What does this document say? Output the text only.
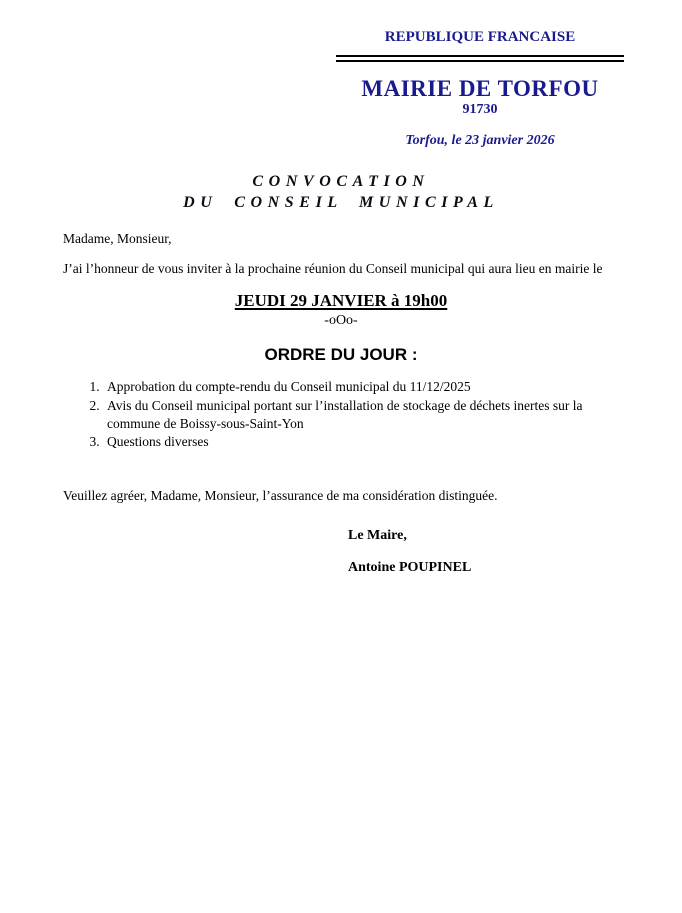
REPUBLIQUE FRANCAISE
MAIRIE DE TORFOU
91730
Torfou, le 23 janvier 2026
CONVOCATION
DU CONSEIL MUNICIPAL
Madame, Monsieur,
J’ai l’honneur de vous inviter à la prochaine réunion du Conseil municipal qui aura lieu en mairie le
JEUDI 29 JANVIER à 19h00
-oOo-
ORDRE DU JOUR :
1. Approbation du compte-rendu du Conseil municipal du 11/12/2025
2. Avis du Conseil municipal portant sur l’installation de stockage de déchets inertes sur la commune de Boissy-sous-Saint-Yon
3. Questions diverses
Veuillez agréer, Madame, Monsieur, l’assurance de ma considération distinguée.
Le Maire,
Antoine POUPINEL
